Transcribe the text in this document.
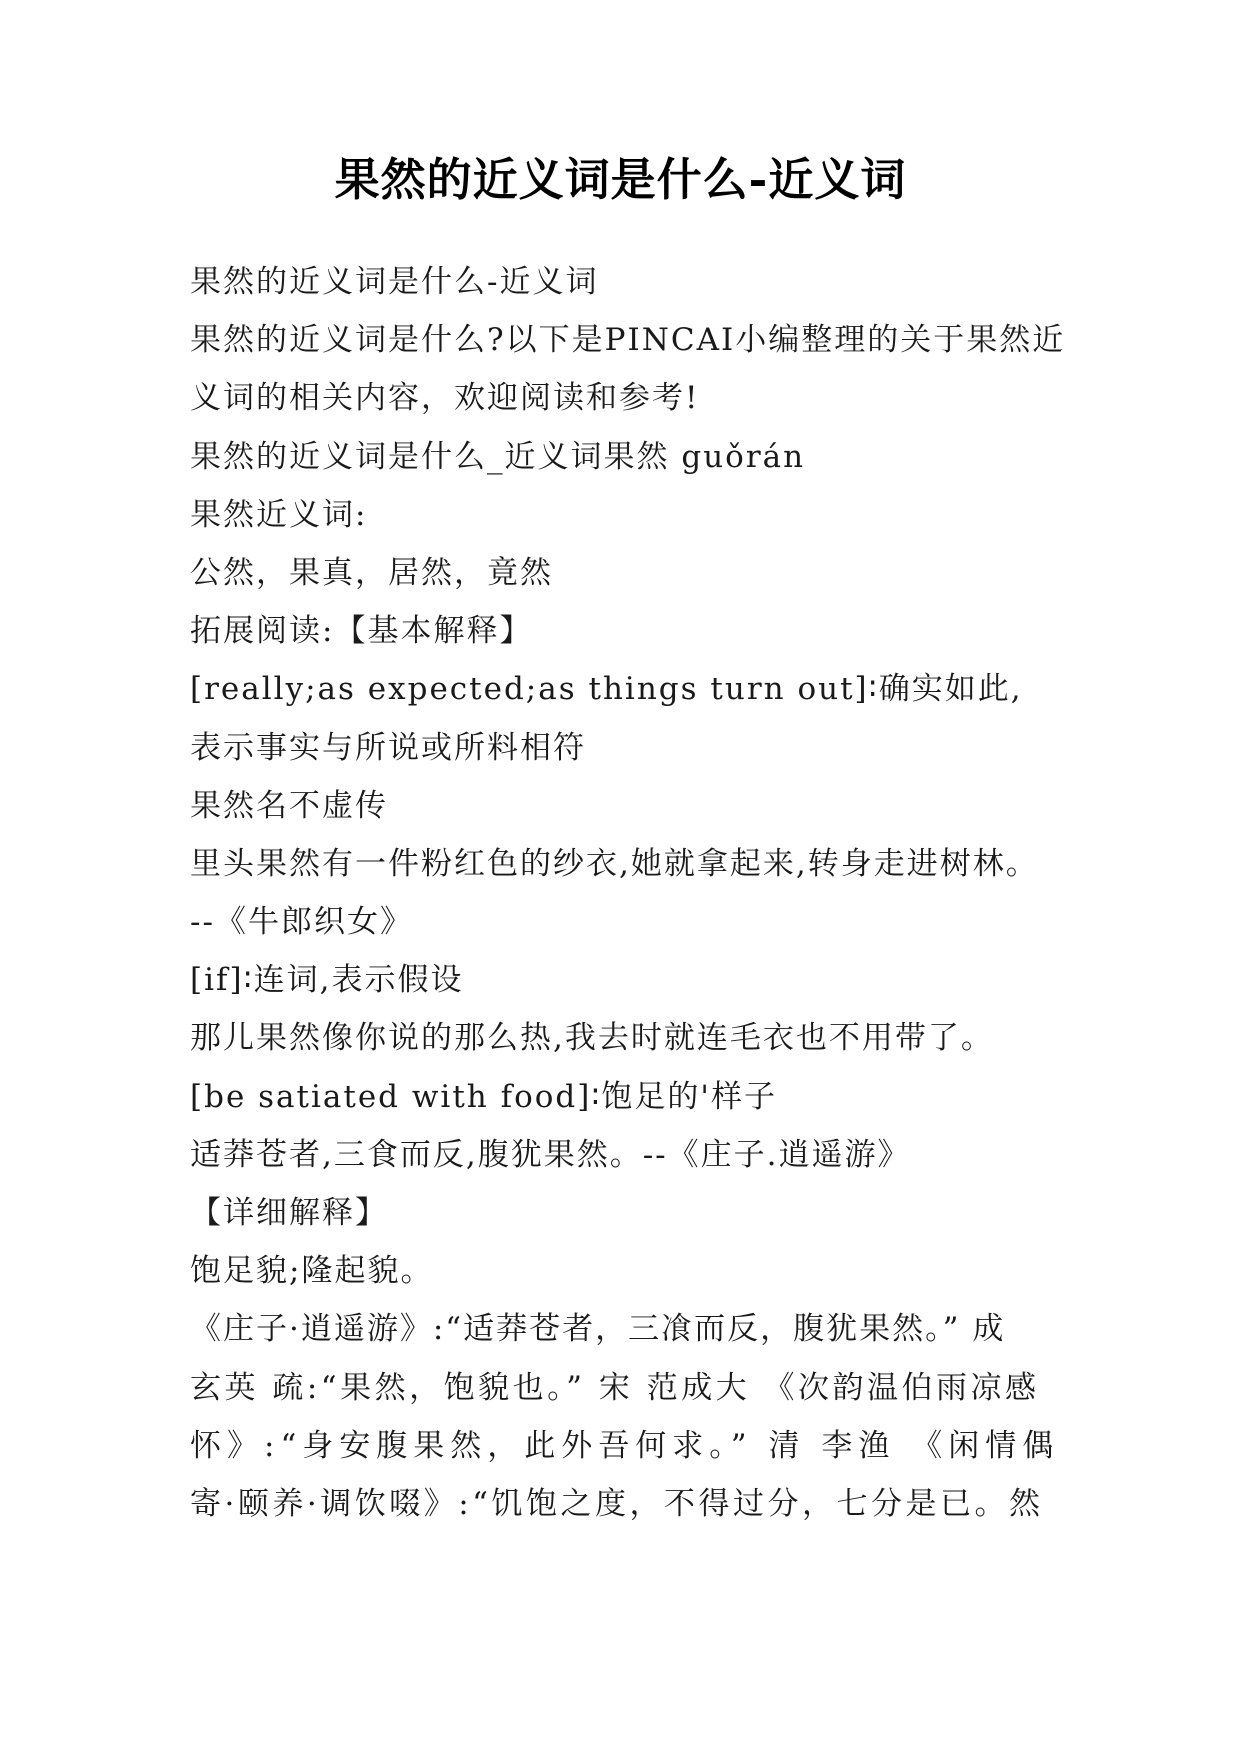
果然的近义词是什么-近义词
果然的近义词是什么-近义词
果然的近义词是什么?以下是PINCAI小编整理的关于果然近
义词的相关内容，欢迎阅读和参考!
果然的近义词是什么_近义词果然 guǒrán
果然近义词:
公然，果真，居然，竟然
拓展阅读:【基本解释】
[really;as expected;as things turn out]∶确实如此,
表示事实与所说或所料相符
果然名不虚传
里头果然有一件粉红色的纱衣,她就拿起来,转身走进树林。
--《牛郎织女》
[if]∶连词,表示假设
那儿果然像你说的那么热,我去时就连毛衣也不用带了。
[be satiated with food]∶饱足的'样子
适莽苍者,三食而反,腹犹果然。--《庄子.逍遥游》
【详细解释】
饱足貌;隆起貌。
《庄子·逍遥游》:“适莽苍者，三飡而反，腹犹果然。” 成
玄英 疏:“果然，饱貌也。” 宋 范成大 《次韵温伯雨凉感
怀》:“身安腹果然，此外吾何求。” 清 李渔 《闲情偶
寄·颐养·调饮啜》:“饥饱之度，不得过分，七分是已。然
